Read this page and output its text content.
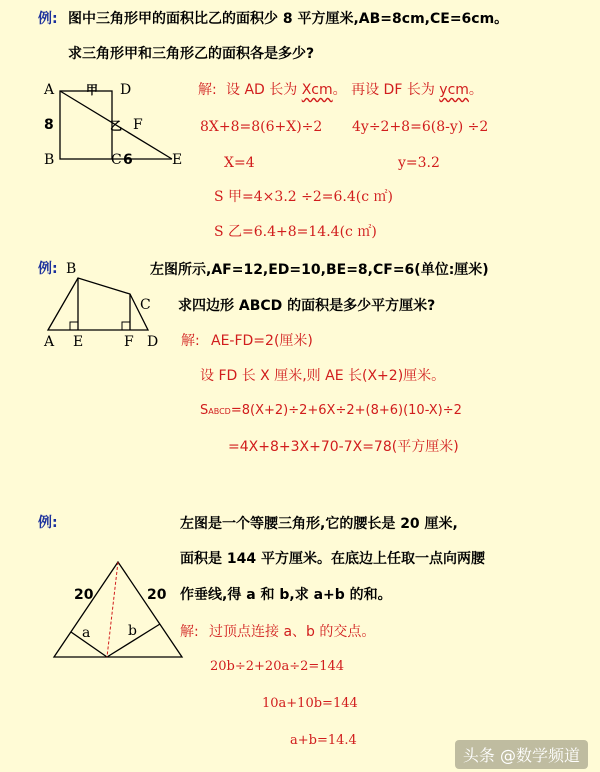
例: 图中三角形甲的面积比乙的面积少 8 平方厘米,AB=8cm,CE=6cm。
求三角形甲和三角形乙的面积各是多少?
A	D
B	C 6	E
F
8
甲
乙
解: 设 AD 长为 Xcm。 再设 DF 长为 ycm。
8X+8=8(6+X)÷2 4y÷2+8=6(8-y) ÷2
X=4	y=3.2
S 甲=4×3.2 ÷2=6.4(c ㎡)
S 乙=6.4+8=14.4(c ㎡)
例: B
C
A E	F D
左图所示,AF=12,ED=10,BE=8,CF=6(单位:厘米)
求四边形 ABCD 的面积是多少平方厘米?
解: AE-FD=2(厘米)
设 FD 长 X 厘米,则 AE 长(X+2)厘米。
SABCD=8(X+2)÷2+6X÷2+(8+6)(10-X)÷2
=4X+8+3X+70-7X=78(平方厘米)
例:	左图是一个等腰三角形,它的腰长是 20 厘米,
面积是 144 平方厘米。在底边上任取一点向两腰
作垂线,得 a 和 b,求 a+b 的和。
20	20
a	b	解: 过顶点连接 a、b 的交点。
20b÷2+20a÷2=144
10a+10b=144
a+b=14.4
头条 @数学频道
